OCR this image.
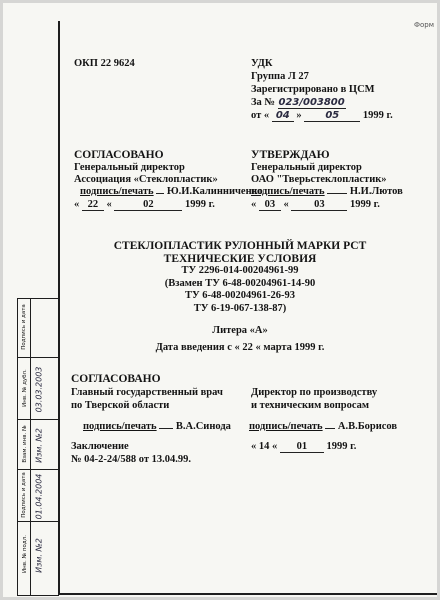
Форм
ОКП 22 9624	УДК
Группа Л 27
Зарегистрировано в ЦСМ
За № 023/003800
от « 04 » 05 1999 г.
СОГЛАСОВАНО
Генеральный директор
Ассоциация «Стеклопластик»
подпись/печать Ю.И.Калинниченко
« 22 «	02	1999 г.
УТВЕРЖДАЮ
Генеральный директор
ОАО "Тверьстеклопластик»
подпись/печать Н.И.Лютов
« 03 « 03 1999 г.
СТЕКЛОПЛАСТИК РУЛОННЫЙ МАРКИ РСТ
ТЕХНИЧЕСКИЕ УСЛОВИЯ
ТУ 2296-014-00204961-99
(Взамен ТУ 6-48-00204961-14-90
ТУ 6-48-00204961-26-93
ТУ 6-19-067-138-87)
Литера «А»
Дата введения с « 22 « марта 1999 г.
СОГЛАСОВАНО
Главный государственный врач
по Тверской области
Директор по производству
и техническим вопросам
подпись/печать В.А.Синода подпись/печать А.В.Борисов
Заключение
№ 04-2-24/588 от 13.04.99.
« 14 « 01 1999 г.
Инв. № подл.
Подпись и дата
Взам. инв. №
Инв. № дубл.
Подпись и дата
Изм. №2
01.04.2004
Изм. №2
03.03.2003
